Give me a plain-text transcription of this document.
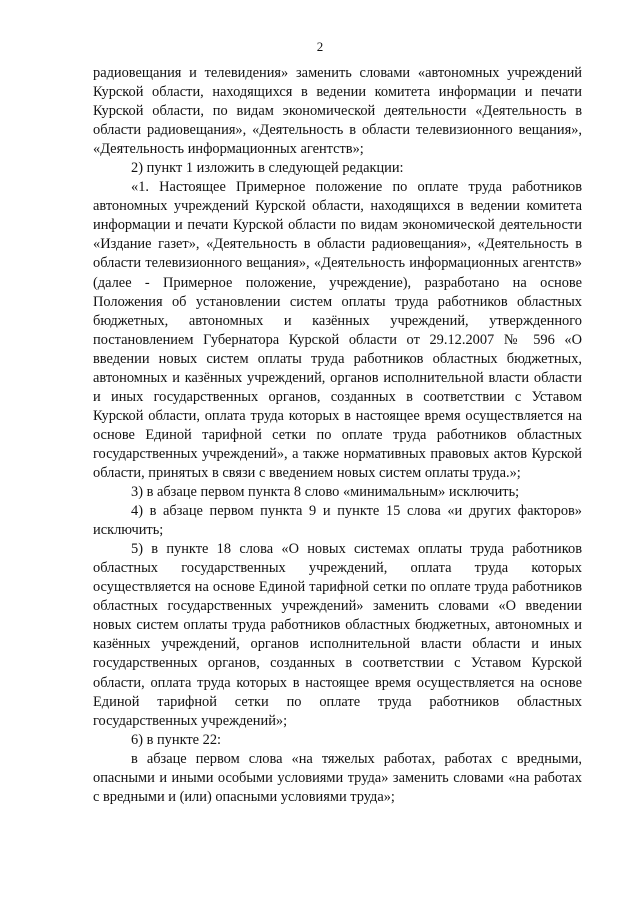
2

радиовещания и телевидения» заменить словами «автономных учреждений Курской области, находящихся в ведении комитета информации и печати Курской области, по видам экономической деятельности «Деятельность в области радиовещания», «Деятельность в области телевизионного вещания», «Деятельность информационных агентств»;

2) пункт 1 изложить в следующей редакции:

«1. Настоящее Примерное положение по оплате труда работников автономных учреждений Курской области, находящихся в ведении комитета информации и печати Курской области по видам экономической деятельности «Издание газет», «Деятельность в области радиовещания», «Деятельность в области телевизионного вещания», «Деятельность информационных агентств» (далее - Примерное положение, учреждение), разработано на основе Положения об установлении систем оплаты труда работников областных бюджетных, автономных и казённых учреждений, утвержденного постановлением Губернатора Курской области от 29.12.2007 № 596 «О введении новых систем оплаты труда работников областных бюджетных, автономных и казённых учреждений, органов исполнительной власти области и иных государственных органов, созданных в соответствии с Уставом Курской области, оплата труда которых в настоящее время осуществляется на основе Единой тарифной сетки по оплате труда работников областных государственных учреждений», а также нормативных правовых актов Курской области, принятых в связи с введением новых систем оплаты труда.»;

3) в абзаце первом пункта 8 слово «минимальным» исключить;

4) в абзаце первом пункта 9 и пункте 15 слова «и других факторов» исключить;

5) в пункте 18 слова «О новых системах оплаты труда работников областных государственных учреждений, оплата труда которых осуществляется на основе Единой тарифной сетки по оплате труда работников областных государственных учреждений» заменить словами «О введении новых систем оплаты труда работников областных бюджетных, автономных и казённых учреждений, органов исполнительной власти области и иных государственных органов, созданных в соответствии с Уставом Курской области, оплата труда которых в настоящее время осуществляется на основе Единой тарифной сетки по оплате труда работников областных государственных учреждений»;

6) в пункте 22:

в абзаце первом слова «на тяжелых работах, работах с вредными, опасными и иными особыми условиями труда» заменить словами «на работах с вредными и (или) опасными условиями труда»;
